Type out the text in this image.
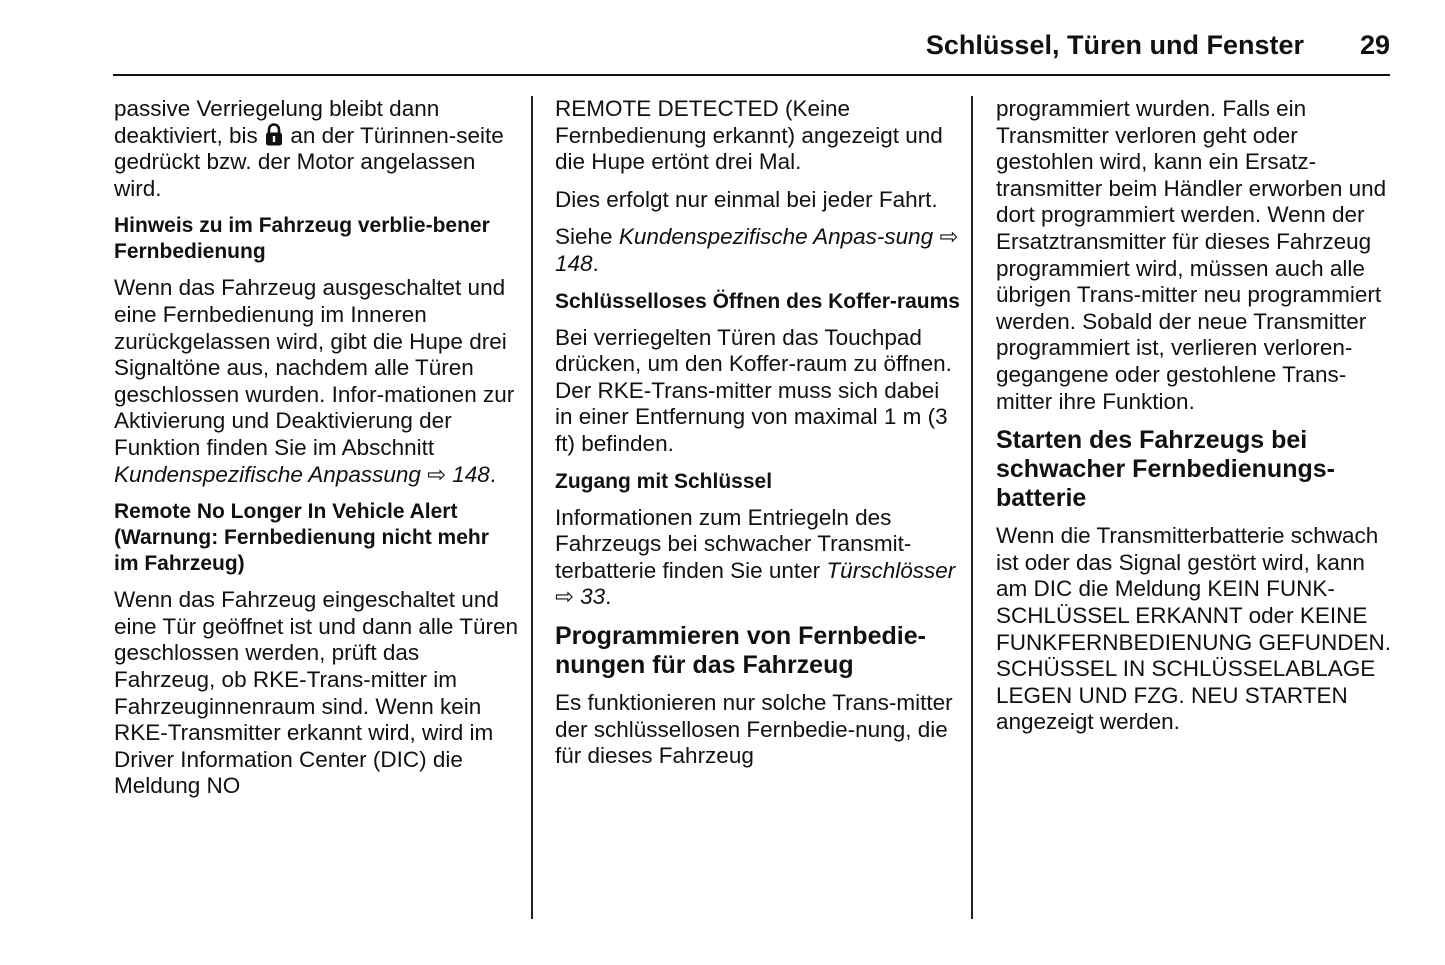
Schlüssel, Türen und Fenster 29

passive Verriegelung bleibt dann deaktiviert, bis an der Türinnen-seite gedrückt bzw. der Motor angelassen wird.

Hinweis zu im Fahrzeug verblie-bener Fernbedienung

Wenn das Fahrzeug ausgeschaltet und eine Fernbedienung im Inneren zurückgelassen wird, gibt die Hupe drei Signaltöne aus, nachdem alle Türen geschlossen wurden. Infor-mationen zur Aktivierung und Deaktivierung der Funktion finden Sie im Abschnitt Kundenspezifische Anpassung ⇨ 148.

Remote No Longer In Vehicle Alert (Warnung: Fernbedienung nicht mehr im Fahrzeug)

Wenn das Fahrzeug eingeschaltet und eine Tür geöffnet ist und dann alle Türen geschlossen werden, prüft das Fahrzeug, ob RKE-Trans-mitter im Fahrzeuginnenraum sind. Wenn kein RKE-Transmitter erkannt wird, wird im Driver Information Center (DIC) die Meldung NO

REMOTE DETECTED (Keine Fernbedienung erkannt) angezeigt und die Hupe ertönt drei Mal.

Dies erfolgt nur einmal bei jeder Fahrt.

Siehe Kundenspezifische Anpas-sung ⇨ 148.

Schlüsselloses Öffnen des Koffer-raums

Bei verriegelten Türen das Touchpad drücken, um den Koffer-raum zu öffnen. Der RKE-Trans-mitter muss sich dabei in einer Entfernung von maximal 1 m (3 ft) befinden.

Zugang mit Schlüssel

Informationen zum Entriegeln des Fahrzeugs bei schwacher Transmit-terbatterie finden Sie unter Türschlösser ⇨ 33.

Programmieren von Fernbedie-nungen für das Fahrzeug

Es funktionieren nur solche Trans-mitter der schlüssellosen Fernbedie-nung, die für dieses Fahrzeug

programmiert wurden. Falls ein Transmitter verloren geht oder gestohlen wird, kann ein Ersatz-transmitter beim Händler erworben und dort programmiert werden. Wenn der Ersatztransmitter für dieses Fahrzeug programmiert wird, müssen auch alle übrigen Trans-mitter neu programmiert werden. Sobald der neue Transmitter programmiert ist, verlieren verloren-gegangene oder gestohlene Trans-mitter ihre Funktion.

Starten des Fahrzeugs bei schwacher Fernbedienungs-batterie

Wenn die Transmitterbatterie schwach ist oder das Signal gestört wird, kann am DIC die Meldung KEIN FUNK-SCHLÜSSEL ERKANNT oder KEINE FUNKFERNBEDIENUNG GEFUNDEN. SCHÜSSEL IN SCHLÜSSELABLAGE LEGEN UND FZG. NEU STARTEN angezeigt werden.
